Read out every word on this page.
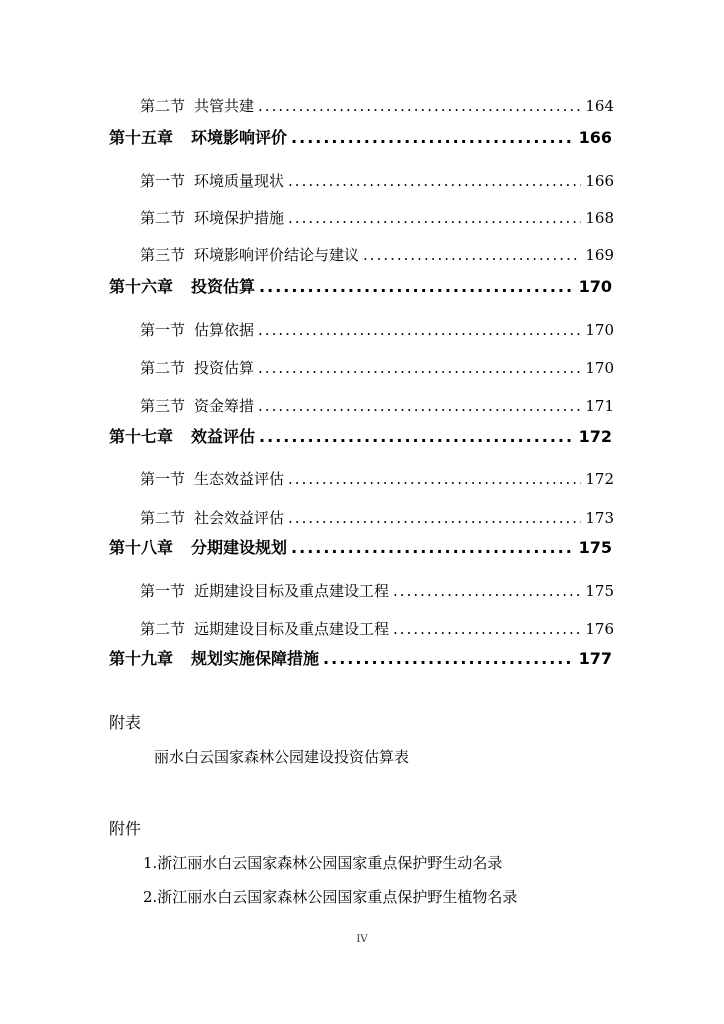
第二节 共管共建 .....	164
第十五章 环境影响评价 .....	166
第一节 环境质量现状 .....	166
第二节 环境保护措施 .....	168
第三节 环境影响评价结论与建议 .....	169
第十六章 投资估算 .....	170
第一节 估算依据 .....	170
第二节 投资估算 .....	170
第三节 资金筹措 .....	171
第十七章 效益评估 .....	172
第一节 生态效益评估 .....	172
第二节 社会效益评估 .....	173
第十八章 分期建设规划 .....	175
第一节 近期建设目标及重点建设工程 .....	175
第二节 远期建设目标及重点建设工程 .....	176
第十九章 规划实施保障措施 .....	177
附表
丽水白云国家森林公园建设投资估算表
附件
1.浙江丽水白云国家森林公园国家重点保护野生动名录
2.浙江丽水白云国家森林公园国家重点保护野生植物名录
IV
